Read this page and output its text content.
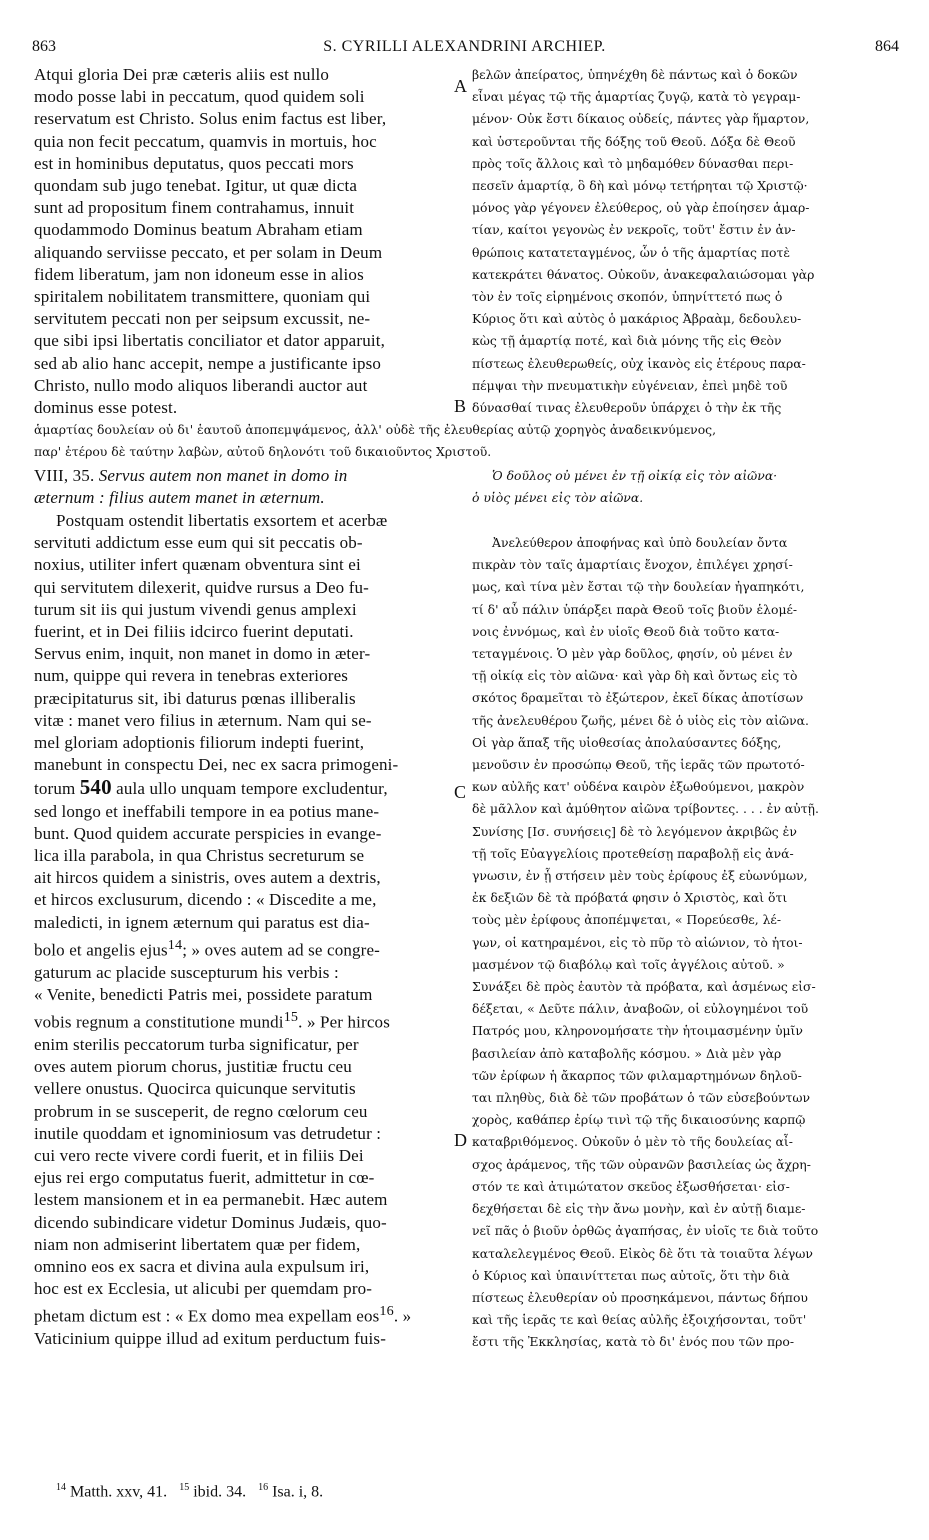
863	S. CYRILLI ALEXANDRINI ARCHIEP.	864

Atqui gloria Dei præ cæteris aliis est nullo

modo posse labi in peccatum, quod quidem soli

reservatum est Christo. Solus enim factus est liber,

quia non fecit peccatum, quamvis in mortuis, hoc

est in hominibus deputatus, quos peccati mors

quondam sub jugo tenebat. Igitur, ut quæ dicta

sunt ad propositum finem contrahamus, innuit

quodammodo Dominus beatum Abraham etiam

aliquando serviisse peccato, et per solam in Deum

fidem liberatum, jam non idoneum esse in alios

spiritalem nobilitatem transmittere, quoniam qui

servitutem peccati non per seipsum excussit, ne-

que sibi ipsi libertatis conciliator et dator apparuit,

sed ab alio hanc accepit, nempe a justificante ipso

Christo, nullo modo aliquos liberandi auctor aut

dominus esse potest.

βελῶν ἀπείρατος, ὑπηνέχθη δὲ πάντως καὶ ὁ δοκῶν

εἶναι μέγας τῷ τῆς ἁμαρτίας ζυγῷ, κατὰ τὸ γεγραμ-

μένον· Οὐκ ἔστι δίκαιος οὐδείς, πάντες γὰρ ἥμαρτον,

καὶ ὑστεροῦνται τῆς δόξης τοῦ Θεοῦ. Δόξα δὲ Θεοῦ

πρὸς τοῖς ἄλλοις καὶ τὸ μηδαμόθεν δύνασθαι περι-

πεσεῖν ἁμαρτίᾳ, ὃ δὴ καὶ μόνῳ τετήρηται τῷ Χριστῷ·

μόνος γὰρ γέγονεν ἐλεύθερος, οὐ γὰρ ἐποίησεν ἁμαρ-

τίαν, καίτοι γεγονὼς ἐν νεκροῖς, τοῦτ' ἔστιν ἐν ἀν-

θρώποις κατατεταγμένος, ὧν ὁ τῆς ἁμαρτίας ποτὲ

κατεκράτει θάνατος. Οὐκοῦν, ἀνακεφαλαιώσομαι γὰρ

τὸν ἐν τοῖς εἰρημένοις σκοπόν, ὑπηνίττετό πως ὁ

Κύριος ὅτι καὶ αὐτὸς ὁ μακάριος Ἀβραὰμ, δεδουλευ-

κὼς τῇ ἁμαρτίᾳ ποτέ, καὶ διὰ μόνης τῆς εἰς Θεὸν

πίστεως ἐλευθερωθείς, οὐχ ἱκανὸς εἰς ἑτέρους παρα-

πέμψαι τὴν πνευματικὴν εὐγένειαν, ἐπεὶ μηδὲ τοῦ

δύνασθαί τινας ἐλευθεροῦν ὑπάρχει ὁ τὴν ἐκ τῆς

A
B
C
D

ἁμαρτίας δουλείαν οὐ δι' ἑαυτοῦ ἀποπεμψάμενος, ἀλλ' οὐδὲ τῆς ἐλευθερίας αὐτῷ χορηγὸς ἀναδεικνύμενος,

παρ' ἑτέρου δὲ ταύτην λαβὼν, αὐτοῦ δηλονότι τοῦ δικαιοῦντος Χριστοῦ.

VIII, 35. Servus autem non manet in domo in

æternum : filius autem manet in æternum.

Ὁ δοῦλος οὐ μένει ἐν τῇ οἰκίᾳ εἰς τὸν αἰῶνα·

ὁ υἱὸς μένει εἰς τὸν αἰῶνα.

Postquam ostendit libertatis exsortem et acerbæ

servituti addictum esse eum qui sit peccatis ob-

noxius, utiliter infert quænam obventura sint ei

qui servitutem dilexerit, quidve rursus a Deo fu-

turum sit iis qui justum vivendi genus amplexi

fuerint, et in Dei filiis idcirco fuerint deputati.

Servus enim, inquit, non manet in domo in æter-

num, quippe qui revera in tenebras exteriores

præcipitaturus sit, ibi daturus pœnas illiberalis

vitæ : manet vero filius in æternum. Nam qui se-

mel gloriam adoptionis filiorum indepti fuerint,

manebunt in conspectu Dei, nec ex sacra primogeni-

torum 540 aula ullo unquam tempore excludentur,

sed longo et ineffabili tempore in ea potius mane-

bunt. Quod quidem accurate perspicies in evange-

lica illa parabola, in qua Christus secreturum se

ait hircos quidem a sinistris, oves autem a dextris,

et hircos exclusurum, dicendo : « Discedite a me,

maledicti, in ignem æternum qui paratus est dia-

bolo et angelis ejus$^{14}$; » oves autem ad se congre-

gaturum ac placide suscepturum his verbis :

« Venite, benedicti Patris mei, possidete paratum

vobis regnum a constitutione mundi$^{15}$. » Per hircos

enim sterilis peccatorum turba significatur, per

oves autem piorum chorus, justitiæ fructu ceu

vellere onustus. Quocirca quicunque servitutis

probrum in se susceperit, de regno cœlorum ceu

inutile quoddam et ignominiosum vas detrudetur :

cui vero recte vivere cordi fuerit, et in filiis Dei

ejus rei ergo computatus fuerit, admittetur in cœ-

lestem mansionem et in ea permanebit. Hæc autem

dicendo subindicare videtur Dominus Judæis, quo-

niam non admiserint libertatem quæ per fidem,

omnino eos ex sacra et divina aula expulsum iri,

hoc est ex Ecclesia, ut alicubi per quemdam pro-

phetam dictum est : « Ex domo mea expellam eos$^{16}$. »

Vaticinium quippe illud ad exitum perductum fuis-

Ἀνελεύθερον ἀποφήνας καὶ ὑπὸ δουλείαν ὄντα

πικρὰν τὸν ταῖς ἁμαρτίαις ἔνοχον, ἐπιλέγει χρησί-

μως, καὶ τίνα μὲν ἔσται τῷ τὴν δουλείαν ἠγαπηκότι,

τί δ' αὖ πάλιν ὑπάρξει παρὰ Θεοῦ τοῖς βιοῦν ἑλομέ-

νοις ἐννόμως, καὶ ἐν υἱοῖς Θεοῦ διὰ τοῦτο κατα-

τεταγμένοις. Ὁ μὲν γὰρ δοῦλος, φησίν, οὐ μένει ἐν

τῇ οἰκίᾳ εἰς τὸν αἰῶνα· καὶ γὰρ δὴ καὶ ὄντως εἰς τὸ

σκότος δραμεῖται τὸ ἐξώτερον, ἐκεῖ δίκας ἀποτίσων

τῆς ἀνελευθέρου ζωῆς, μένει δὲ ὁ υἱὸς εἰς τὸν αἰῶνα.

Οἱ γὰρ ἅπαξ τῆς υἱοθεσίας ἀπολαύσαντες δόξης,

μενοῦσιν ἐν προσώπῳ Θεοῦ, τῆς ἱερᾶς τῶν πρωτοτό-

κων αὐλῆς κατ' οὐδένα καιρὸν ἐξωθούμενοι, μακρὸν

δὲ μᾶλλον καὶ ἀμύθητον αἰῶνα τρίβοντες. . . . ἐν αὐτῇ.

Συνίσης [Ισ. συνήσεις] δὲ τὸ λεγόμενον ἀκριβῶς ἐν

τῇ τοῖς Εὐαγγελίοις προτεθείσῃ παραβολῇ εἰς ἀνά-

γνωσιν, ἐν ᾗ στήσειν μὲν τοὺς ἐρίφους ἐξ εὐωνύμων,

ἐκ δεξιῶν δὲ τὰ πρόβατά φησιν ὁ Χριστὸς, καὶ ὅτι

τοὺς μὲν ἐρίφους ἀποπέμψεται, « Πορεύεσθε, λέ-

γων, οἱ κατηραμένοι, εἰς τὸ πῦρ τὸ αἰώνιον, τὸ ἡτοι-

μασμένον τῷ διαβόλῳ καὶ τοῖς ἀγγέλοις αὐτοῦ. »

Συνάξει δὲ πρὸς ἑαυτὸν τὰ πρόβατα, καὶ ἁσμένως εἰσ-

δέξεται, « Δεῦτε πάλιν, ἀναβοῶν, οἱ εὐλογημένοι τοῦ

Πατρός μου, κληρονομήσατε τὴν ἡτοιμασμένην ὑμῖν

βασιλείαν ἀπὸ καταβολῆς κόσμου. » Διὰ μὲν γὰρ

τῶν ἐρίφων ἡ ἄκαρπος τῶν φιλαμαρτημόνων δηλοῦ-

ται πληθὺς, διὰ δὲ τῶν προβάτων ὁ τῶν εὐσεβούντων

χορὸς, καθάπερ ἐρίῳ τινὶ τῷ τῆς δικαιοσύνης καρπῷ

καταβριθόμενος. Οὐκοῦν ὁ μὲν τὸ τῆς δουλείας αἶ-

σχος ἀράμενος, τῆς τῶν οὐρανῶν βασιλείας ὡς ἄχρη-

στόν τε καὶ ἀτιμώτατον σκεῦος ἐξωσθήσεται· εἰσ-

δεχθήσεται δὲ εἰς τὴν ἄνω μονὴν, καὶ ἐν αὐτῇ διαμε-

νεῖ πᾶς ὁ βιοῦν ὀρθῶς ἀγαπήσας, ἐν υἱοῖς τε διὰ τοῦτο

καταλελεγμένος Θεοῦ. Εἰκὸς δὲ ὅτι τὰ τοιαῦτα λέγων

ὁ Κύριος καὶ ὑπαινίττεται πως αὐτοῖς, ὅτι τὴν διὰ

πίστεως ἐλευθερίαν οὐ προσηκάμενοι, πάντως δήπου

καὶ τῆς ἱερᾶς τε καὶ θείας αὐλῆς ἐξοιχήσονται, τοῦτ'

ἔστι τῆς Ἐκκλησίας, κατὰ τὸ δι' ἑνός που τῶν προ-

$^{14}$ Matth. xxv, 41. $^{15}$ ibid. 34. $^{16}$ Isa. i, 8.
